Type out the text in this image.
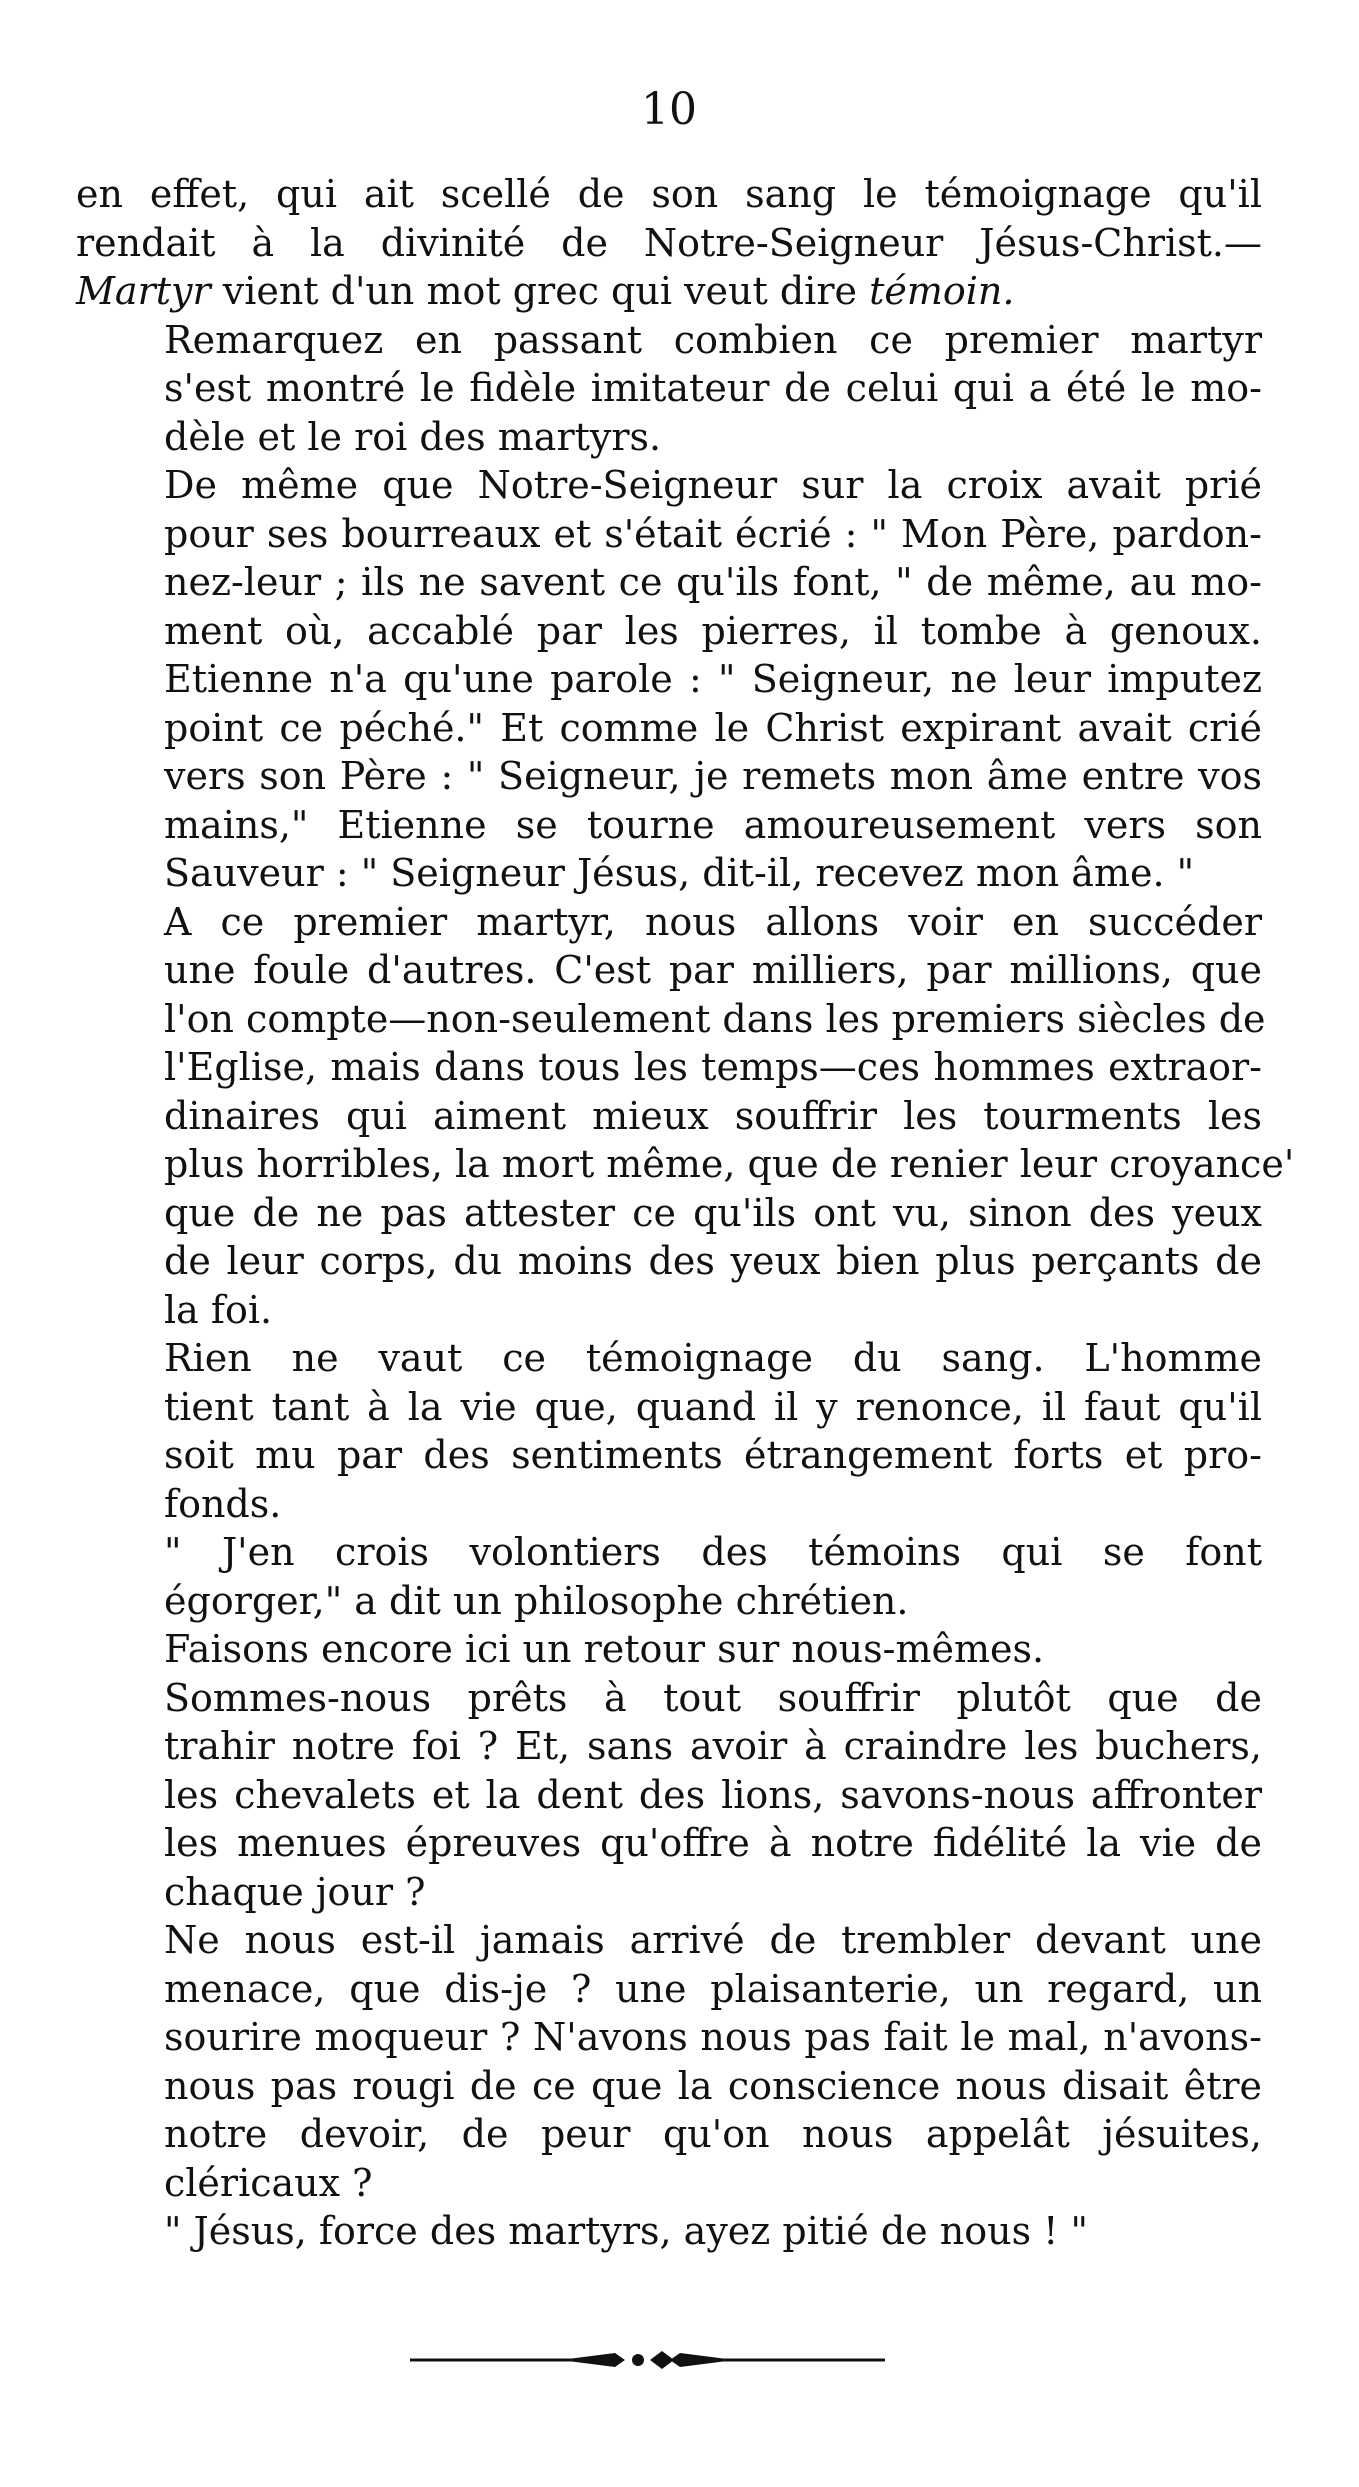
10

en effet, qui ait scellé de son sang le témoignage qu'il
rendait à la divinité de Notre-Seigneur Jésus-Christ.—
Martyr vient d'un mot grec qui veut dire témoin.

Remarquez en passant combien ce premier martyr
s'est montré le fidèle imitateur de celui qui a été le mo-
dèle et le roi des martyrs.

De même que Notre-Seigneur sur la croix avait prié
pour ses bourreaux et s'était écrié : " Mon Père, pardon-
nez-leur ; ils ne savent ce qu'ils font, " de même, au mo-
ment où, accablé par les pierres, il tombe à genoux.
Etienne n'a qu'une parole : " Seigneur, ne leur imputez
point ce péché." Et comme le Christ expirant avait crié
vers son Père : " Seigneur, je remets mon âme entre vos
mains," Etienne se tourne amoureusement vers son
Sauveur : " Seigneur Jésus, dit-il, recevez mon âme. "

A ce premier martyr, nous allons voir en succéder
une foule d'autres. C'est par milliers, par millions, que
l'on compte—non-seulement dans les premiers siècles de
l'Eglise, mais dans tous les temps—ces hommes extraor-
dinaires qui aiment mieux souffrir les tourments les
plus horribles, la mort même, que de renier leur croyance'
que de ne pas attester ce qu'ils ont vu, sinon des yeux
de leur corps, du moins des yeux bien plus perçants de
la foi.

Rien ne vaut ce témoignage du sang. L'homme
tient tant à la vie que, quand il y renonce, il faut qu'il
soit mu par des sentiments étrangement forts et pro-
fonds.

" J'en crois volontiers des témoins qui se font
égorger," a dit un philosophe chrétien.

Faisons encore ici un retour sur nous-mêmes.

Sommes-nous prêts à tout souffrir plutôt que de
trahir notre foi ? Et, sans avoir à craindre les buchers,
les chevalets et la dent des lions, savons-nous affronter
les menues épreuves qu'offre à notre fidélité la vie de
chaque jour ?

Ne nous est-il jamais arrivé de trembler devant une
menace, que dis-je ? une plaisanterie, un regard, un
sourire moqueur ? N'avons nous pas fait le mal, n'avons-
nous pas rougi de ce que la conscience nous disait être
notre devoir, de peur qu'on nous appelât jésuites,
cléricaux ?

" Jésus, force des martyrs, ayez pitié de nous ! "
